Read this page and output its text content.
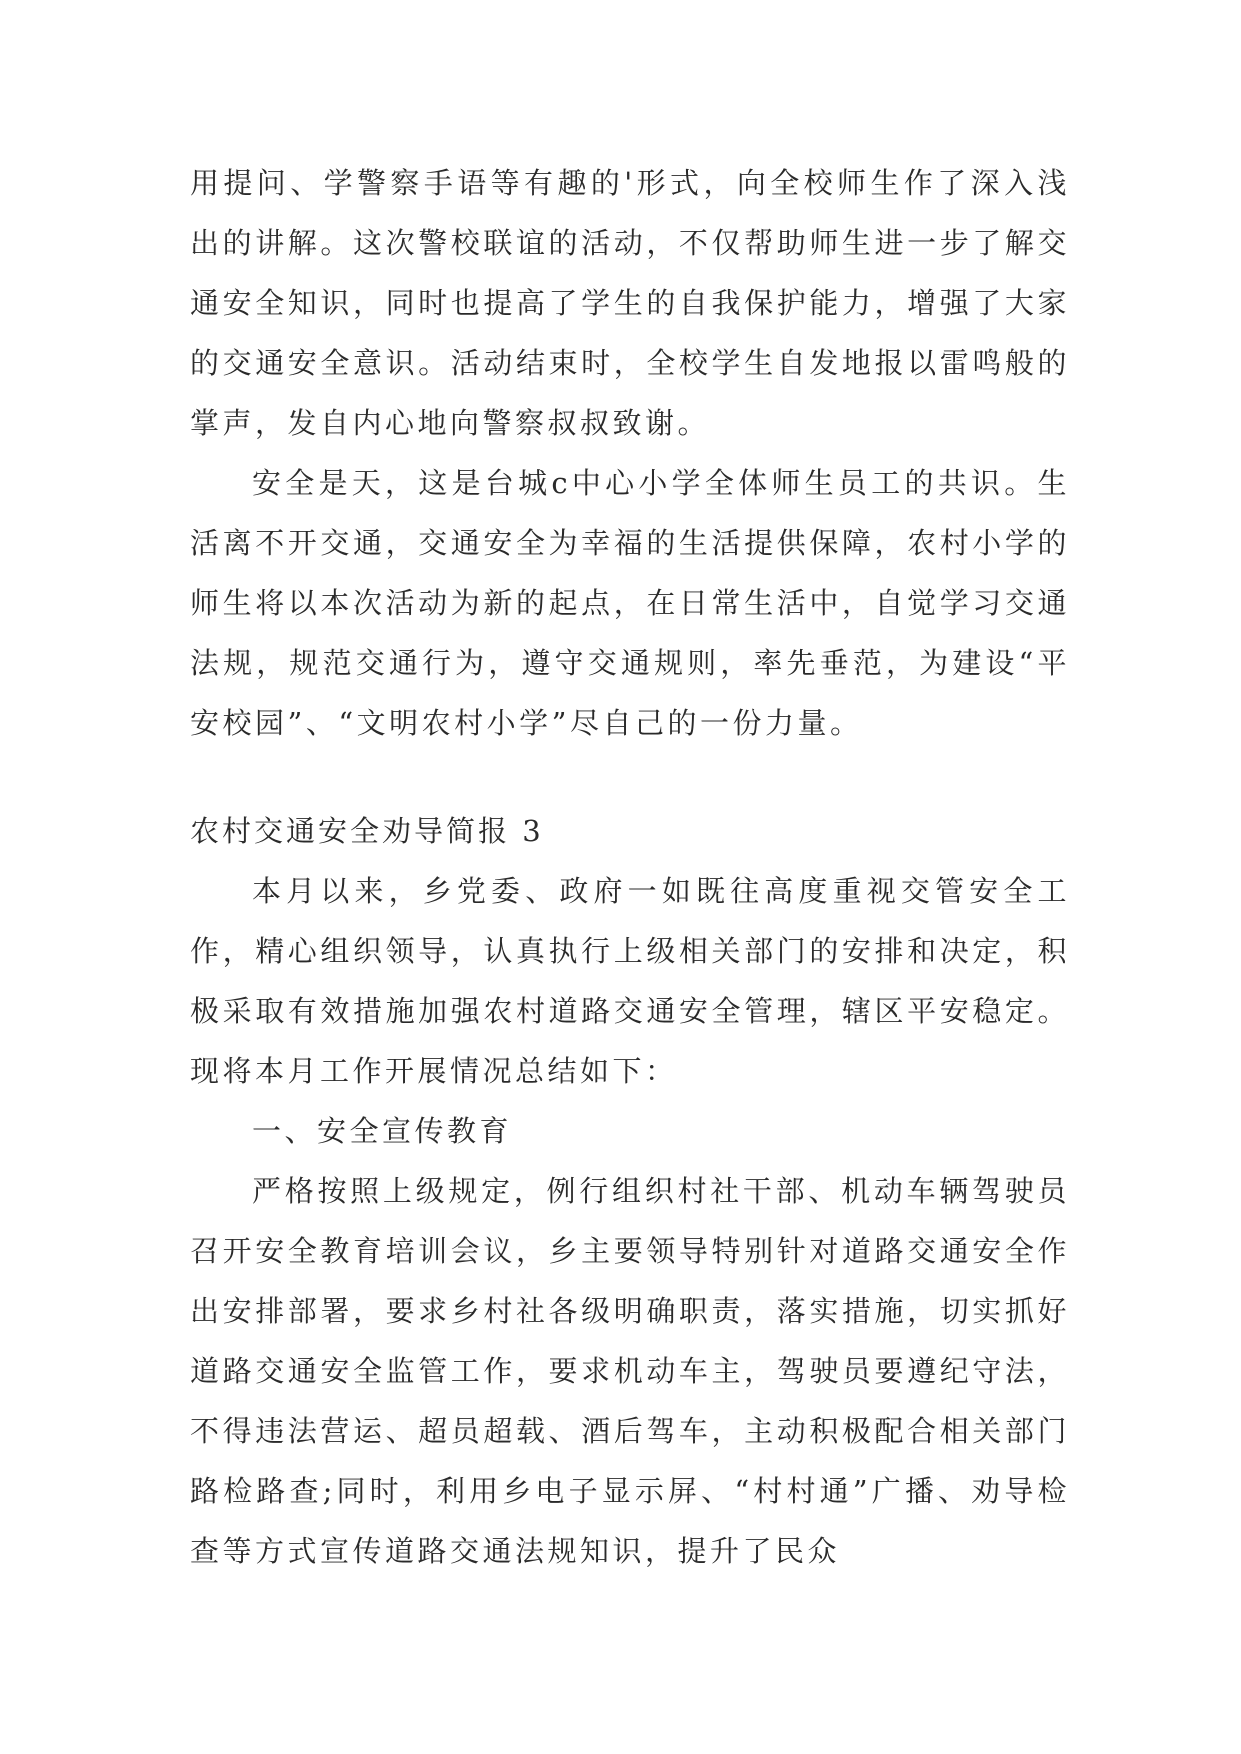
用提问、学警察手语等有趣的'形式，向全校师生作了深入浅出的讲解。这次警校联谊的活动，不仅帮助师生进一步了解交通安全知识，同时也提高了学生的自我保护能力，增强了大家的交通安全意识。活动结束时，全校学生自发地报以雷鸣般的掌声，发自内心地向警察叔叔致谢。

安全是天，这是台城c中心小学全体师生员工的共识。生活离不开交通，交通安全为幸福的生活提供保障，农村小学的师生将以本次活动为新的起点，在日常生活中，自觉学习交通法规，规范交通行为，遵守交通规则，率先垂范，为建设“平安校园”、“文明农村小学”尽自己的一份力量。

农村交通安全劝导简报 3

本月以来，乡党委、政府一如既往高度重视交管安全工作，精心组织领导，认真执行上级相关部门的安排和决定，积极采取有效措施加强农村道路交通安全管理，辖区平安稳定。现将本月工作开展情况总结如下：

一、安全宣传教育

严格按照上级规定，例行组织村社干部、机动车辆驾驶员召开安全教育培训会议，乡主要领导特别针对道路交通安全作出安排部署，要求乡村社各级明确职责，落实措施，切实抓好道路交通安全监管工作，要求机动车主，驾驶员要遵纪守法，不得违法营运、超员超载、酒后驾车，主动积极配合相关部门路检路查;同时，利用乡电子显示屏、“村村通”广播、劝导检查等方式宣传道路交通法规知识，提升了民众
